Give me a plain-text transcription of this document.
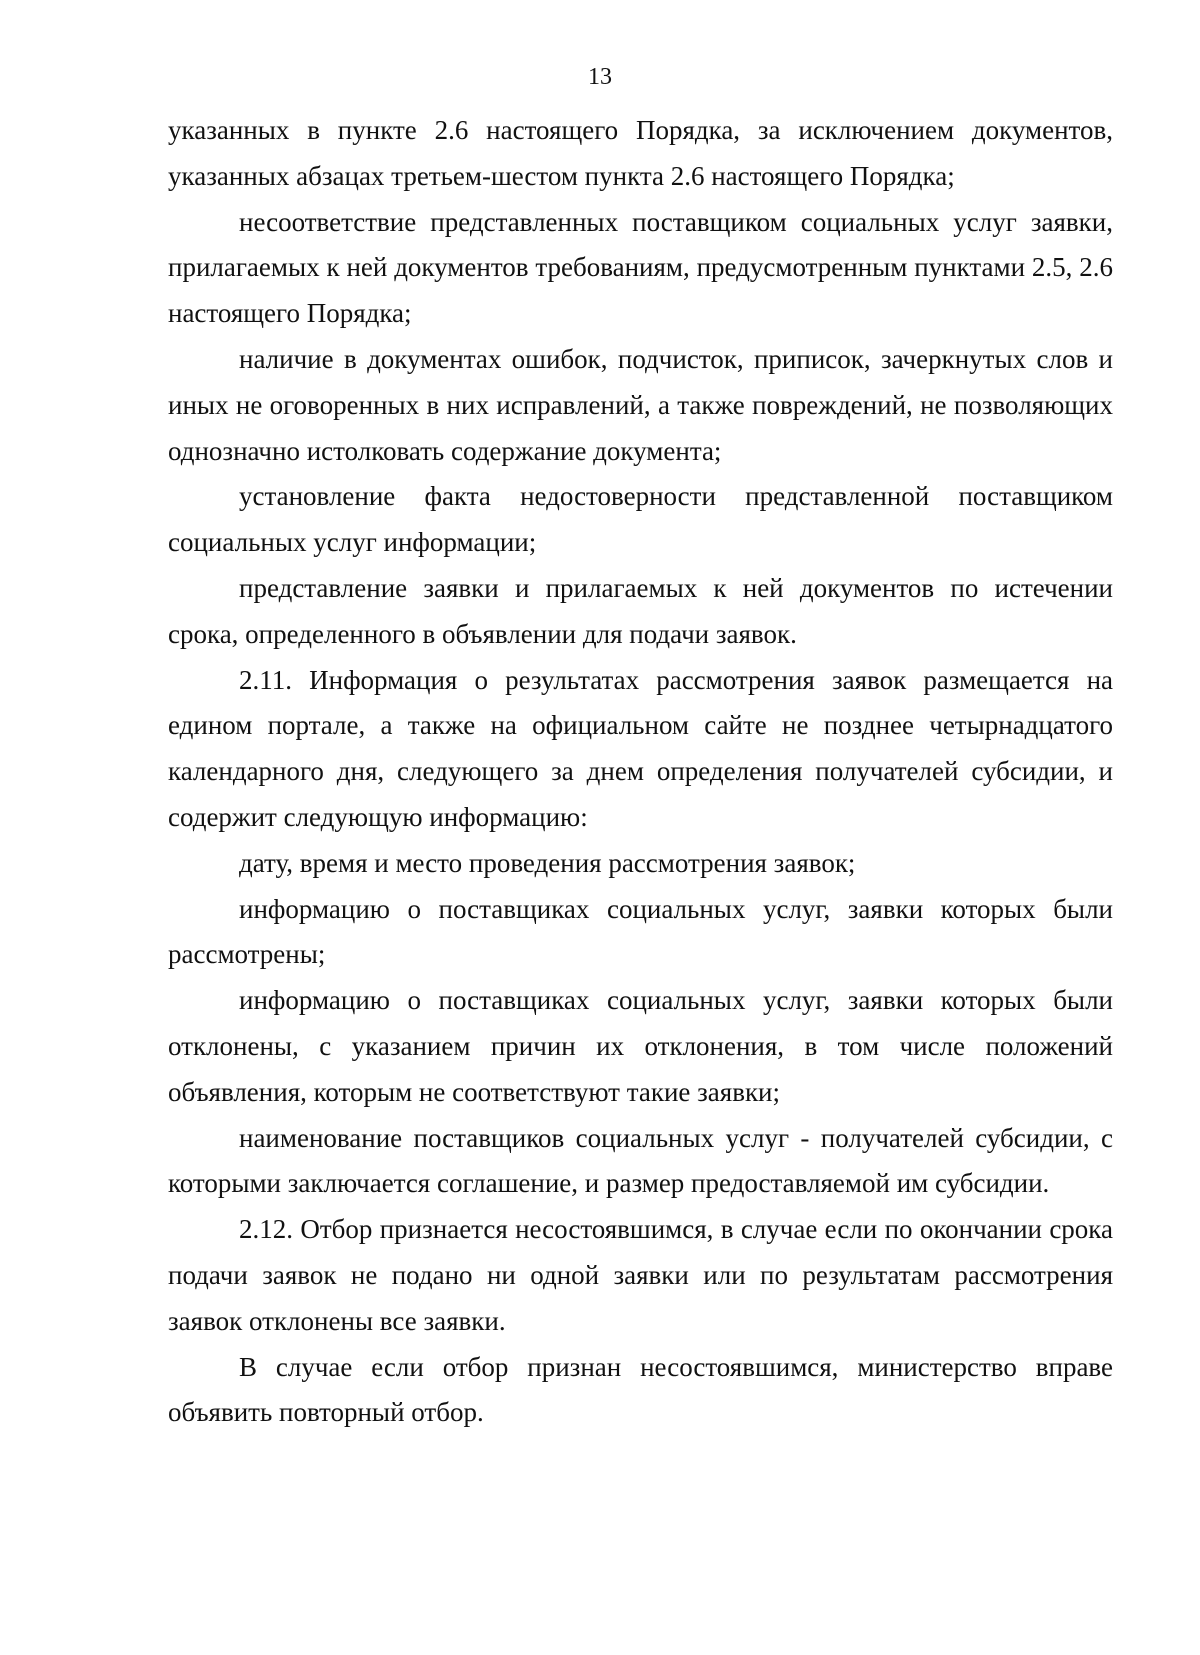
13

указанных в пункте 2.6 настоящего Порядка, за исключением документов, указанных абзацах третьем-шестом пункта 2.6 настоящего Порядка;

несоответствие представленных поставщиком социальных услуг заявки, прилагаемых к ней документов требованиям, предусмотренным пунктами 2.5, 2.6 настоящего Порядка;

наличие в документах ошибок, подчисток, приписок, зачеркнутых слов и иных не оговоренных в них исправлений, а также повреждений, не позволяющих однозначно истолковать содержание документа;

установление факта недостоверности представленной поставщиком социальных услуг информации;

представление заявки и прилагаемых к ней документов по истечении срока, определенного в объявлении для подачи заявок.

2.11. Информация о результатах рассмотрения заявок размещается на едином портале, а также на официальном сайте не позднее четырнадцатого календарного дня, следующего за днем определения получателей субсидии, и содержит следующую информацию:

дату, время и место проведения рассмотрения заявок;

информацию о поставщиках социальных услуг, заявки которых были рассмотрены;

информацию о поставщиках социальных услуг, заявки которых были отклонены, с указанием причин их отклонения, в том числе положений объявления, которым не соответствуют такие заявки;

наименование поставщиков социальных услуг - получателей субсидии, с которыми заключается соглашение, и размер предоставляемой им субсидии.

2.12. Отбор признается несостоявшимся, в случае если по окончании срока подачи заявок не подано ни одной заявки или по результатам рассмотрения заявок отклонены все заявки.

В случае если отбор признан несостоявшимся, министерство вправе объявить повторный отбор.
